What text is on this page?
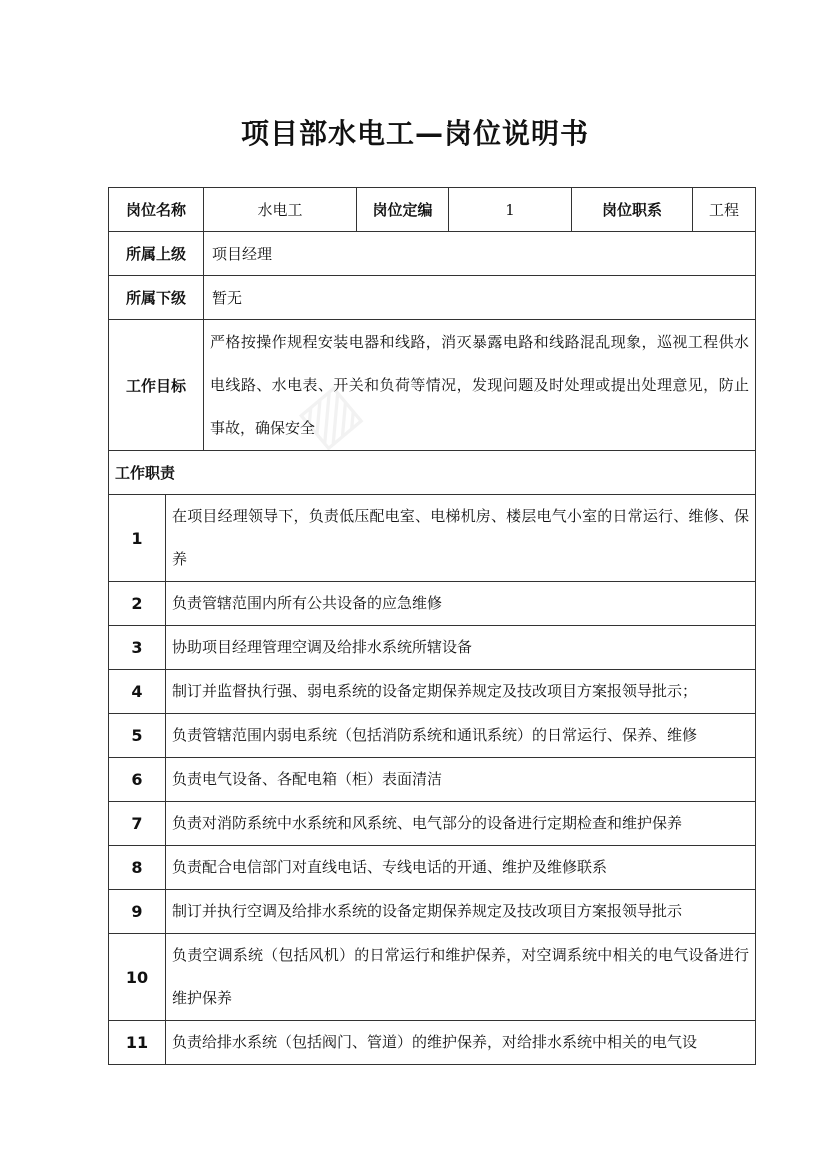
项目部水电工—岗位说明书
岗位名称		水电工	岗位定编	1	岗位职系	工程
所属上级		项目经理				
所属下级		暂无				
工作目标		严格按操作规程安装电器和线路，消灭暴露电路和线路混乱现象，巡视工程供水电线路、水电表、开关和负荷等情况，发现问题及时处理或提出处理意见，防止事故，确保安全				
工作职责						
1	在项目经理领导下，负责低压配电室、电梯机房、楼层电气小室的日常运行、维修、保养					
2	负责管辖范围内所有公共设备的应急维修					
3	协助项目经理管理空调及给排水系统所辖设备					
4	制订并监督执行强、弱电系统的设备定期保养规定及技改项目方案报领导批示；					
5	负责管辖范围内弱电系统（包括消防系统和通讯系统）的日常运行、保养、维修					
6	负责电气设备、各配电箱（柜）表面清洁					
7	负责对消防系统中水系统和风系统、电气部分的设备进行定期检查和维护保养					
8	负责配合电信部门对直线电话、专线电话的开通、维护及维修联系					
9	制订并执行空调及给排水系统的设备定期保养规定及技改项目方案报领导批示					
10	负责空调系统（包括风机）的日常运行和维护保养，对空调系统中相关的电气设备进行维护保养					
11	负责给排水系统（包括阀门、管道）的维护保养，对给排水系统中相关的电气设					
▨
